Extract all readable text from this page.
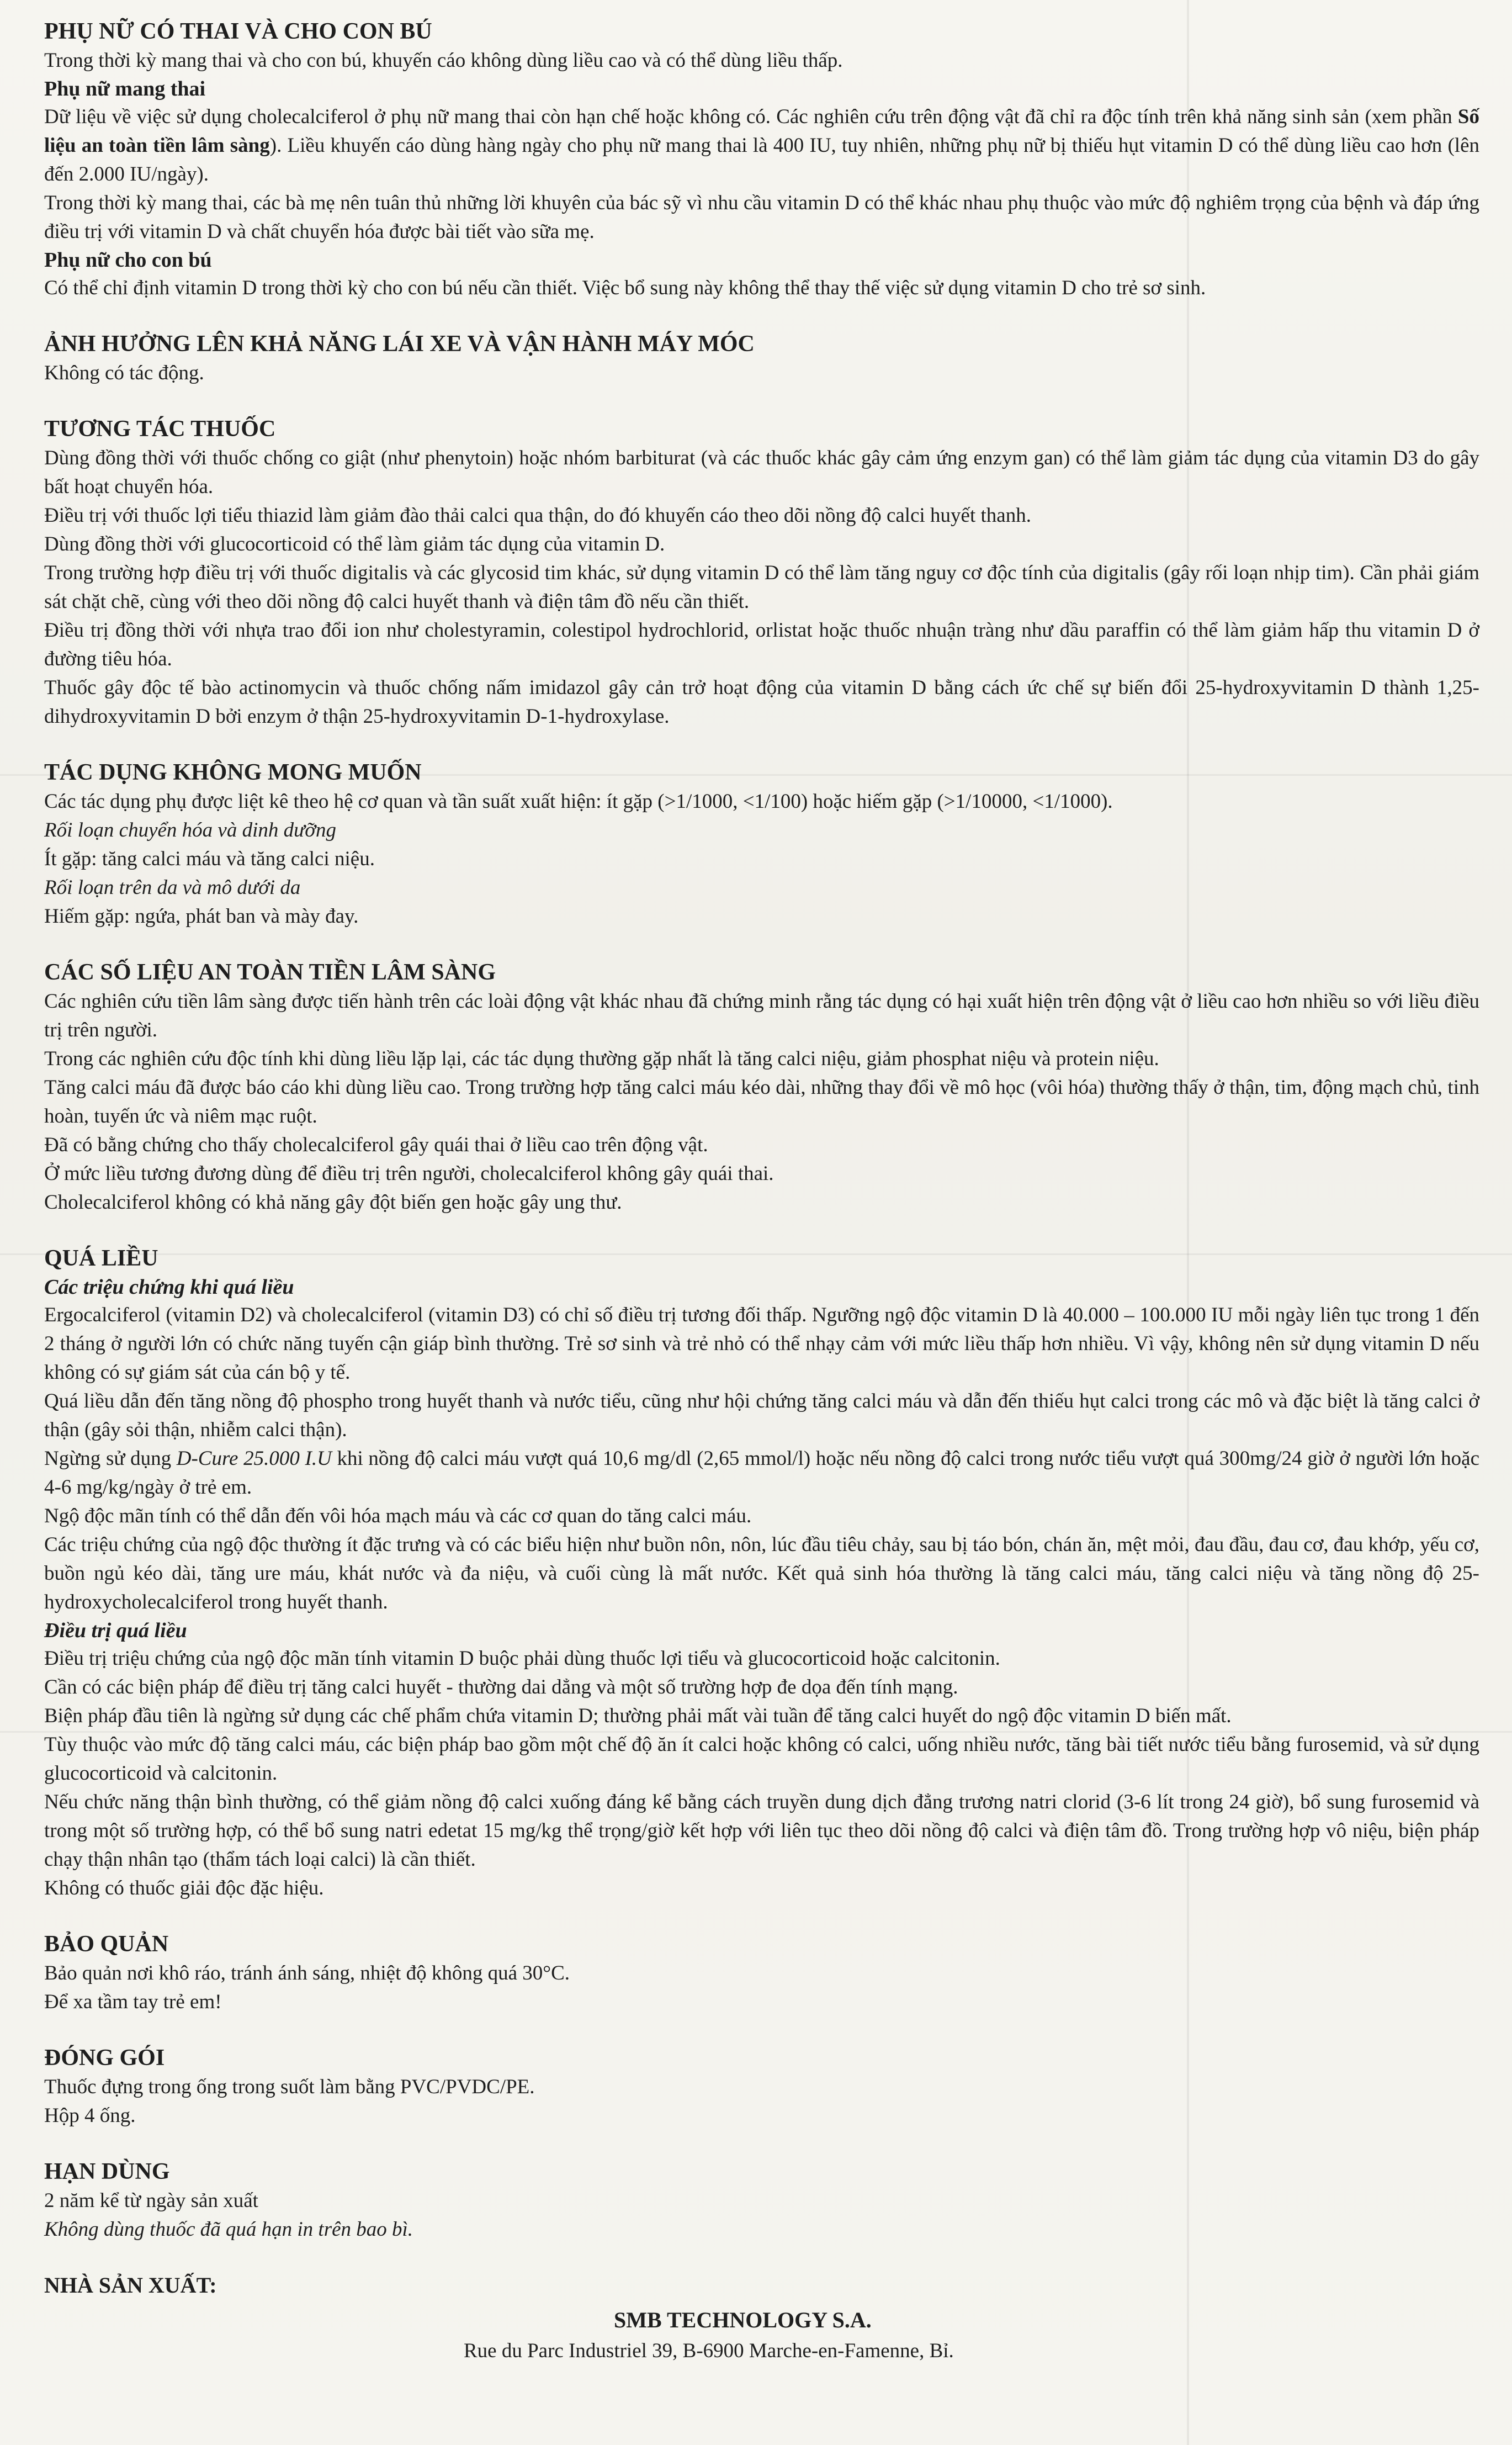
PHỤ NỮ CÓ THAI VÀ CHO CON BÚ

Trong thời kỳ mang thai và cho con bú, khuyến cáo không dùng liều cao và có thể dùng liều thấp.

Phụ nữ mang thai

Dữ liệu về việc sử dụng cholecalciferol ở phụ nữ mang thai còn hạn chế hoặc không có. Các nghiên cứu trên động vật đã chỉ ra độc tính trên khả năng sinh sản (xem phần Số liệu an toàn tiền lâm sàng). Liều khuyến cáo dùng hàng ngày cho phụ nữ mang thai là 400 IU, tuy nhiên, những phụ nữ bị thiếu hụt vitamin D có thể dùng liều cao hơn (lên đến 2.000 IU/ngày).

Trong thời kỳ mang thai, các bà mẹ nên tuân thủ những lời khuyên của bác sỹ vì nhu cầu vitamin D có thể khác nhau phụ thuộc vào mức độ nghiêm trọng của bệnh và đáp ứng điều trị với vitamin D và chất chuyển hóa được bài tiết vào sữa mẹ.

Phụ nữ cho con bú

Có thể chỉ định vitamin D trong thời kỳ cho con bú nếu cần thiết. Việc bổ sung này không thể thay thế việc sử dụng vitamin D cho trẻ sơ sinh.

ẢNH HƯỞNG LÊN KHẢ NĂNG LÁI XE VÀ VẬN HÀNH MÁY MÓC

Không có tác động.

TƯƠNG TÁC THUỐC

Dùng đồng thời với thuốc chống co giật (như phenytoin) hoặc nhóm barbiturat (và các thuốc khác gây cảm ứng enzym gan) có thể làm giảm tác dụng của vitamin D3 do gây bất hoạt chuyển hóa.

Điều trị với thuốc lợi tiểu thiazid làm giảm đào thải calci qua thận, do đó khuyến cáo theo dõi nồng độ calci huyết thanh.

Dùng đồng thời với glucocorticoid có thể làm giảm tác dụng của vitamin D.

Trong trường hợp điều trị với thuốc digitalis và các glycosid tim khác, sử dụng vitamin D có thể làm tăng nguy cơ độc tính của digitalis (gây rối loạn nhịp tim). Cần phải giám sát chặt chẽ, cùng với theo dõi nồng độ calci huyết thanh và điện tâm đồ nếu cần thiết.

Điều trị đồng thời với nhựa trao đổi ion như cholestyramin, colestipol hydrochlorid, orlistat hoặc thuốc nhuận tràng như dầu paraffin có thể làm giảm hấp thu vitamin D ở đường tiêu hóa.

Thuốc gây độc tế bào actinomycin và thuốc chống nấm imidazol gây cản trở hoạt động của vitamin D bằng cách ức chế sự biến đổi 25-hydroxyvitamin D thành 1,25-dihydroxyvitamin D bởi enzym ở thận 25-hydroxyvitamin D-1-hydroxylase.

TÁC DỤNG KHÔNG MONG MUỐN

Các tác dụng phụ được liệt kê theo hệ cơ quan và tần suất xuất hiện: ít gặp (>1/1000, <1/100) hoặc hiếm gặp (>1/10000, <1/1000).

Rối loạn chuyển hóa và dinh dưỡng

Ít gặp: tăng calci máu và tăng calci niệu.

Rối loạn trên da và mô dưới da

Hiếm gặp: ngứa, phát ban và mày đay.

CÁC SỐ LIỆU AN TOÀN TIỀN LÂM SÀNG

Các nghiên cứu tiền lâm sàng được tiến hành trên các loài động vật khác nhau đã chứng minh rằng tác dụng có hại xuất hiện trên động vật ở liều cao hơn nhiều so với liều điều trị trên người.

Trong các nghiên cứu độc tính khi dùng liều lặp lại, các tác dụng thường gặp nhất là tăng calci niệu, giảm phosphat niệu và protein niệu.

Tăng calci máu đã được báo cáo khi dùng liều cao. Trong trường hợp tăng calci máu kéo dài, những thay đổi về mô học (vôi hóa) thường thấy ở thận, tim, động mạch chủ, tinh hoàn, tuyến ức và niêm mạc ruột.

Đã có bằng chứng cho thấy cholecalciferol gây quái thai ở liều cao trên động vật.

Ở mức liều tương đương dùng để điều trị trên người, cholecalciferol không gây quái thai.

Cholecalciferol không có khả năng gây đột biến gen hoặc gây ung thư.

QUÁ LIỀU

Các triệu chứng khi quá liều

Ergocalciferol (vitamin D2) và cholecalciferol (vitamin D3) có chỉ số điều trị tương đối thấp. Ngưỡng ngộ độc vitamin D là 40.000 – 100.000 IU mỗi ngày liên tục trong 1 đến 2 tháng ở người lớn có chức năng tuyến cận giáp bình thường. Trẻ sơ sinh và trẻ nhỏ có thể nhạy cảm với mức liều thấp hơn nhiều. Vì vậy, không nên sử dụng vitamin D nếu không có sự giám sát của cán bộ y tế.

Quá liều dẫn đến tăng nồng độ phospho trong huyết thanh và nước tiểu, cũng như hội chứng tăng calci máu và dẫn đến thiếu hụt calci trong các mô và đặc biệt là tăng calci ở thận (gây sỏi thận, nhiễm calci thận).

Ngừng sử dụng D-Cure 25.000 I.U khi nồng độ calci máu vượt quá 10,6 mg/dl (2,65 mmol/l) hoặc nếu nồng độ calci trong nước tiểu vượt quá 300mg/24 giờ ở người lớn hoặc 4-6 mg/kg/ngày ở trẻ em.

Ngộ độc mãn tính có thể dẫn đến vôi hóa mạch máu và các cơ quan do tăng calci máu.

Các triệu chứng của ngộ độc thường ít đặc trưng và có các biểu hiện như buồn nôn, nôn, lúc đầu tiêu chảy, sau bị táo bón, chán ăn, mệt mỏi, đau đầu, đau cơ, đau khớp, yếu cơ, buồn ngủ kéo dài, tăng ure máu, khát nước và đa niệu, và cuối cùng là mất nước. Kết quả sinh hóa thường là tăng calci máu, tăng calci niệu và tăng nồng độ 25-hydroxycholecalciferol trong huyết thanh.

Điều trị quá liều

Điều trị triệu chứng của ngộ độc mãn tính vitamin D buộc phải dùng thuốc lợi tiểu và glucocorticoid hoặc calcitonin.

Cần có các biện pháp để điều trị tăng calci huyết - thường dai dẳng và một số trường hợp đe dọa đến tính mạng.

Biện pháp đầu tiên là ngừng sử dụng các chế phẩm chứa vitamin D; thường phải mất vài tuần để tăng calci huyết do ngộ độc vitamin D biến mất.

Tùy thuộc vào mức độ tăng calci máu, các biện pháp bao gồm một chế độ ăn ít calci hoặc không có calci, uống nhiều nước, tăng bài tiết nước tiểu bằng furosemid, và sử dụng glucocorticoid và calcitonin.

Nếu chức năng thận bình thường, có thể giảm nồng độ calci xuống đáng kể bằng cách truyền dung dịch đẳng trương natri clorid (3-6 lít trong 24 giờ), bổ sung furosemid và trong một số trường hợp, có thể bổ sung natri edetat 15 mg/kg thể trọng/giờ kết hợp với liên tục theo dõi nồng độ calci và điện tâm đồ. Trong trường hợp vô niệu, biện pháp chạy thận nhân tạo (thẩm tách loại calci) là cần thiết.

Không có thuốc giải độc đặc hiệu.

BẢO QUẢN

Bảo quản nơi khô ráo, tránh ánh sáng, nhiệt độ không quá 30°C.

Để xa tầm tay trẻ em!

ĐÓNG GÓI

Thuốc đựng trong ống trong suốt làm bằng PVC/PVDC/PE.

Hộp 4 ống.

HẠN DÙNG

2 năm kể từ ngày sản xuất

Không dùng thuốc đã quá hạn in trên bao bì.

NHÀ SẢN XUẤT:
SMB TECHNOLOGY S.A.
Rue du Parc Industriel 39, B-6900 Marche-en-Famenne, Bỉ.
